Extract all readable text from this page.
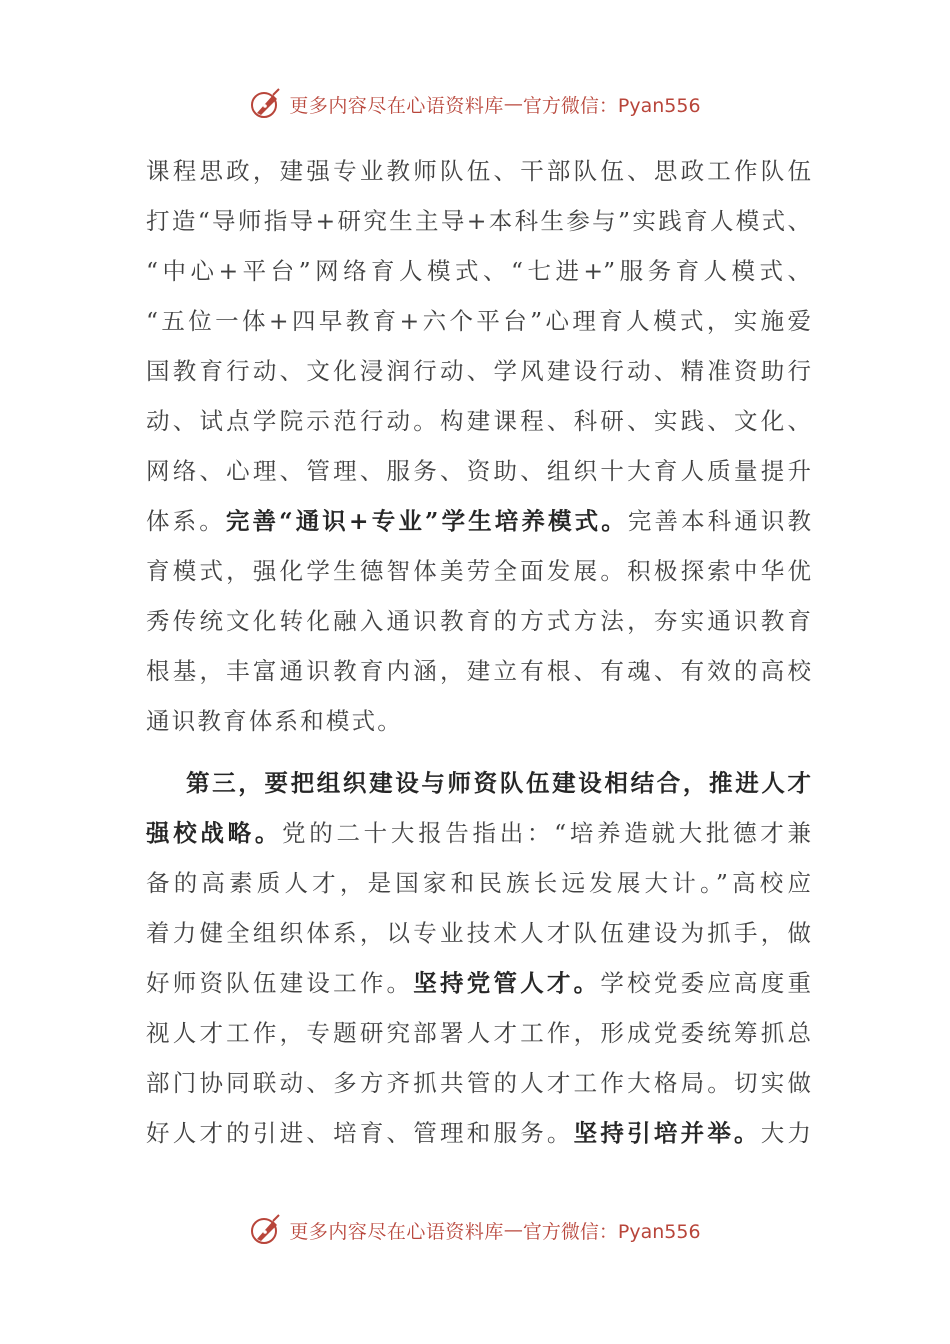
更多内容尽在心语资料库 — 官方微信：Pyan556
课程思政，建强专业教师队伍、干部队伍、思政工作队伍
打造“导师指导+研究生主导+本科生参与”实践育人模式、
“中心+平台”网络育人模式、“七进+”服务育人模式、
“五位一体+四早教育+六个平台”心理育人模式，实施爱
国教育行动、文化浸润行动、学风建设行动、精准资助行
动、试点学院示范行动。构建课程、科研、实践、文化、
网络、心理、管理、服务、资助、组织十大育人质量提升
体系。完善“通识+专业”学生培养模式。完善本科通识教
育模式，强化学生德智体美劳全面发展。积极探索中华优
秀传统文化转化融入通识教育的方式方法，夯实通识教育
根基，丰富通识教育内涵，建立有根、有魂、有效的高校
通识教育体系和模式。
第三，要把组织建设与师资队伍建设相结合，推进人才
强校战略。党的二十大报告指出：“培养造就大批德才兼
备的高素质人才，是国家和民族长远发展大计。”高校应
着力健全组织体系，以专业技术人才队伍建设为抓手，做
好师资队伍建设工作。坚持党管人才。学校党委应高度重
视人才工作，专题研究部署人才工作，形成党委统筹抓总
部门协同联动、多方齐抓共管的人才工作大格局。切实做
好人才的引进、培育、管理和服务。坚持引培并举。大力
更多内容尽在心语资料库 — 官方微信：Pyan556
